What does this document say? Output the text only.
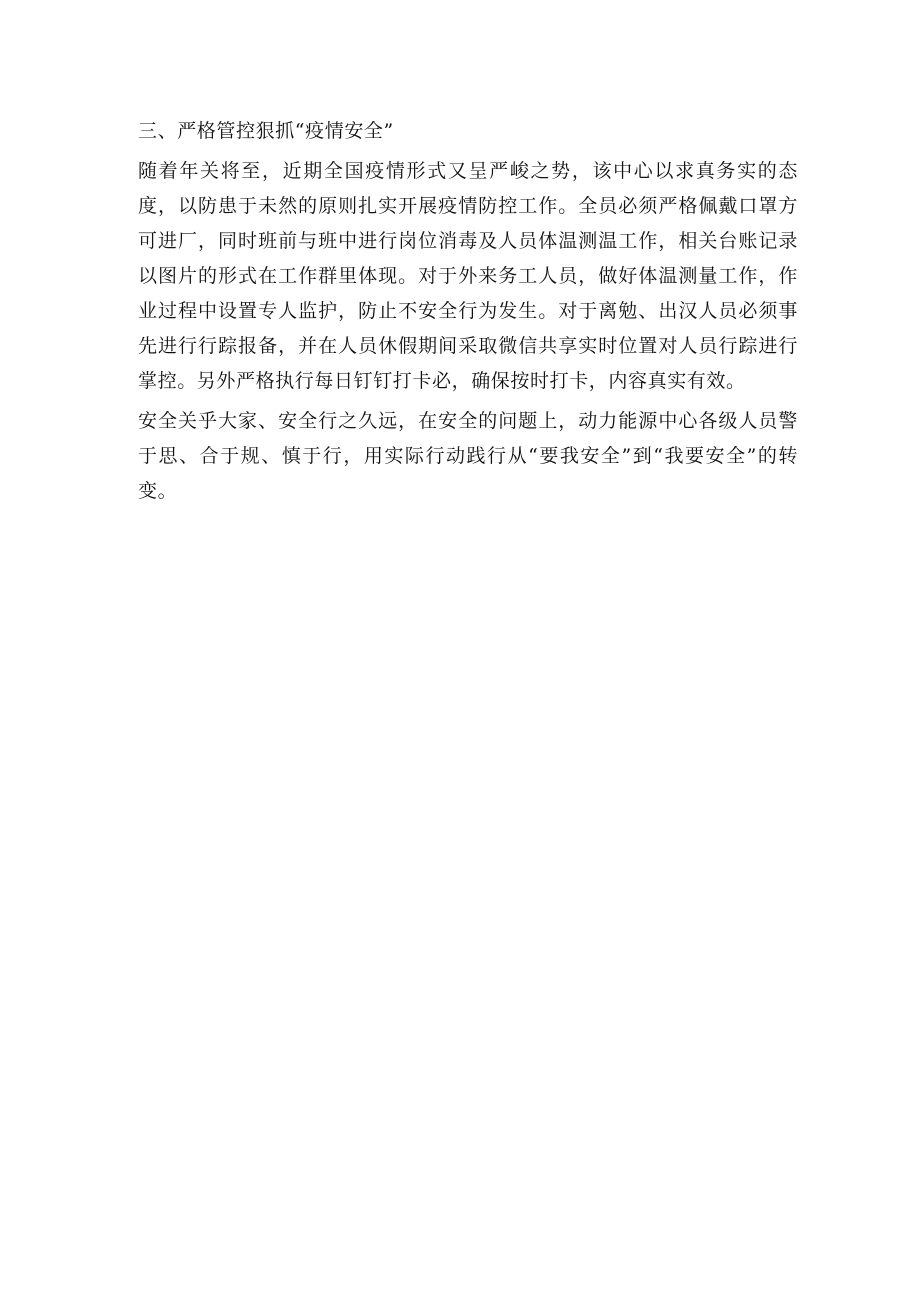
三、严格管控狠抓“疫情安全”

随着年关将至，近期全国疫情形式又呈严峻之势，该中心以求真务实的态度，以防患于未然的原则扎实开展疫情防控工作。全员必须严格佩戴口罩方可进厂，同时班前与班中进行岗位消毒及人员体温测温工作，相关台账记录以图片的形式在工作群里体现。对于外来务工人员，做好体温测量工作，作业过程中设置专人监护，防止不安全行为发生。对于离勉、出汉人员必须事先进行行踪报备，并在人员休假期间采取微信共享实时位置对人员行踪进行掌控。另外严格执行每日钉钉打卡必，确保按时打卡，内容真实有效。

安全关乎大家、安全行之久远，在安全的问题上，动力能源中心各级人员警于思、合于规、慎于行，用实际行动践行从“要我安全”到“我要安全”的转变。
